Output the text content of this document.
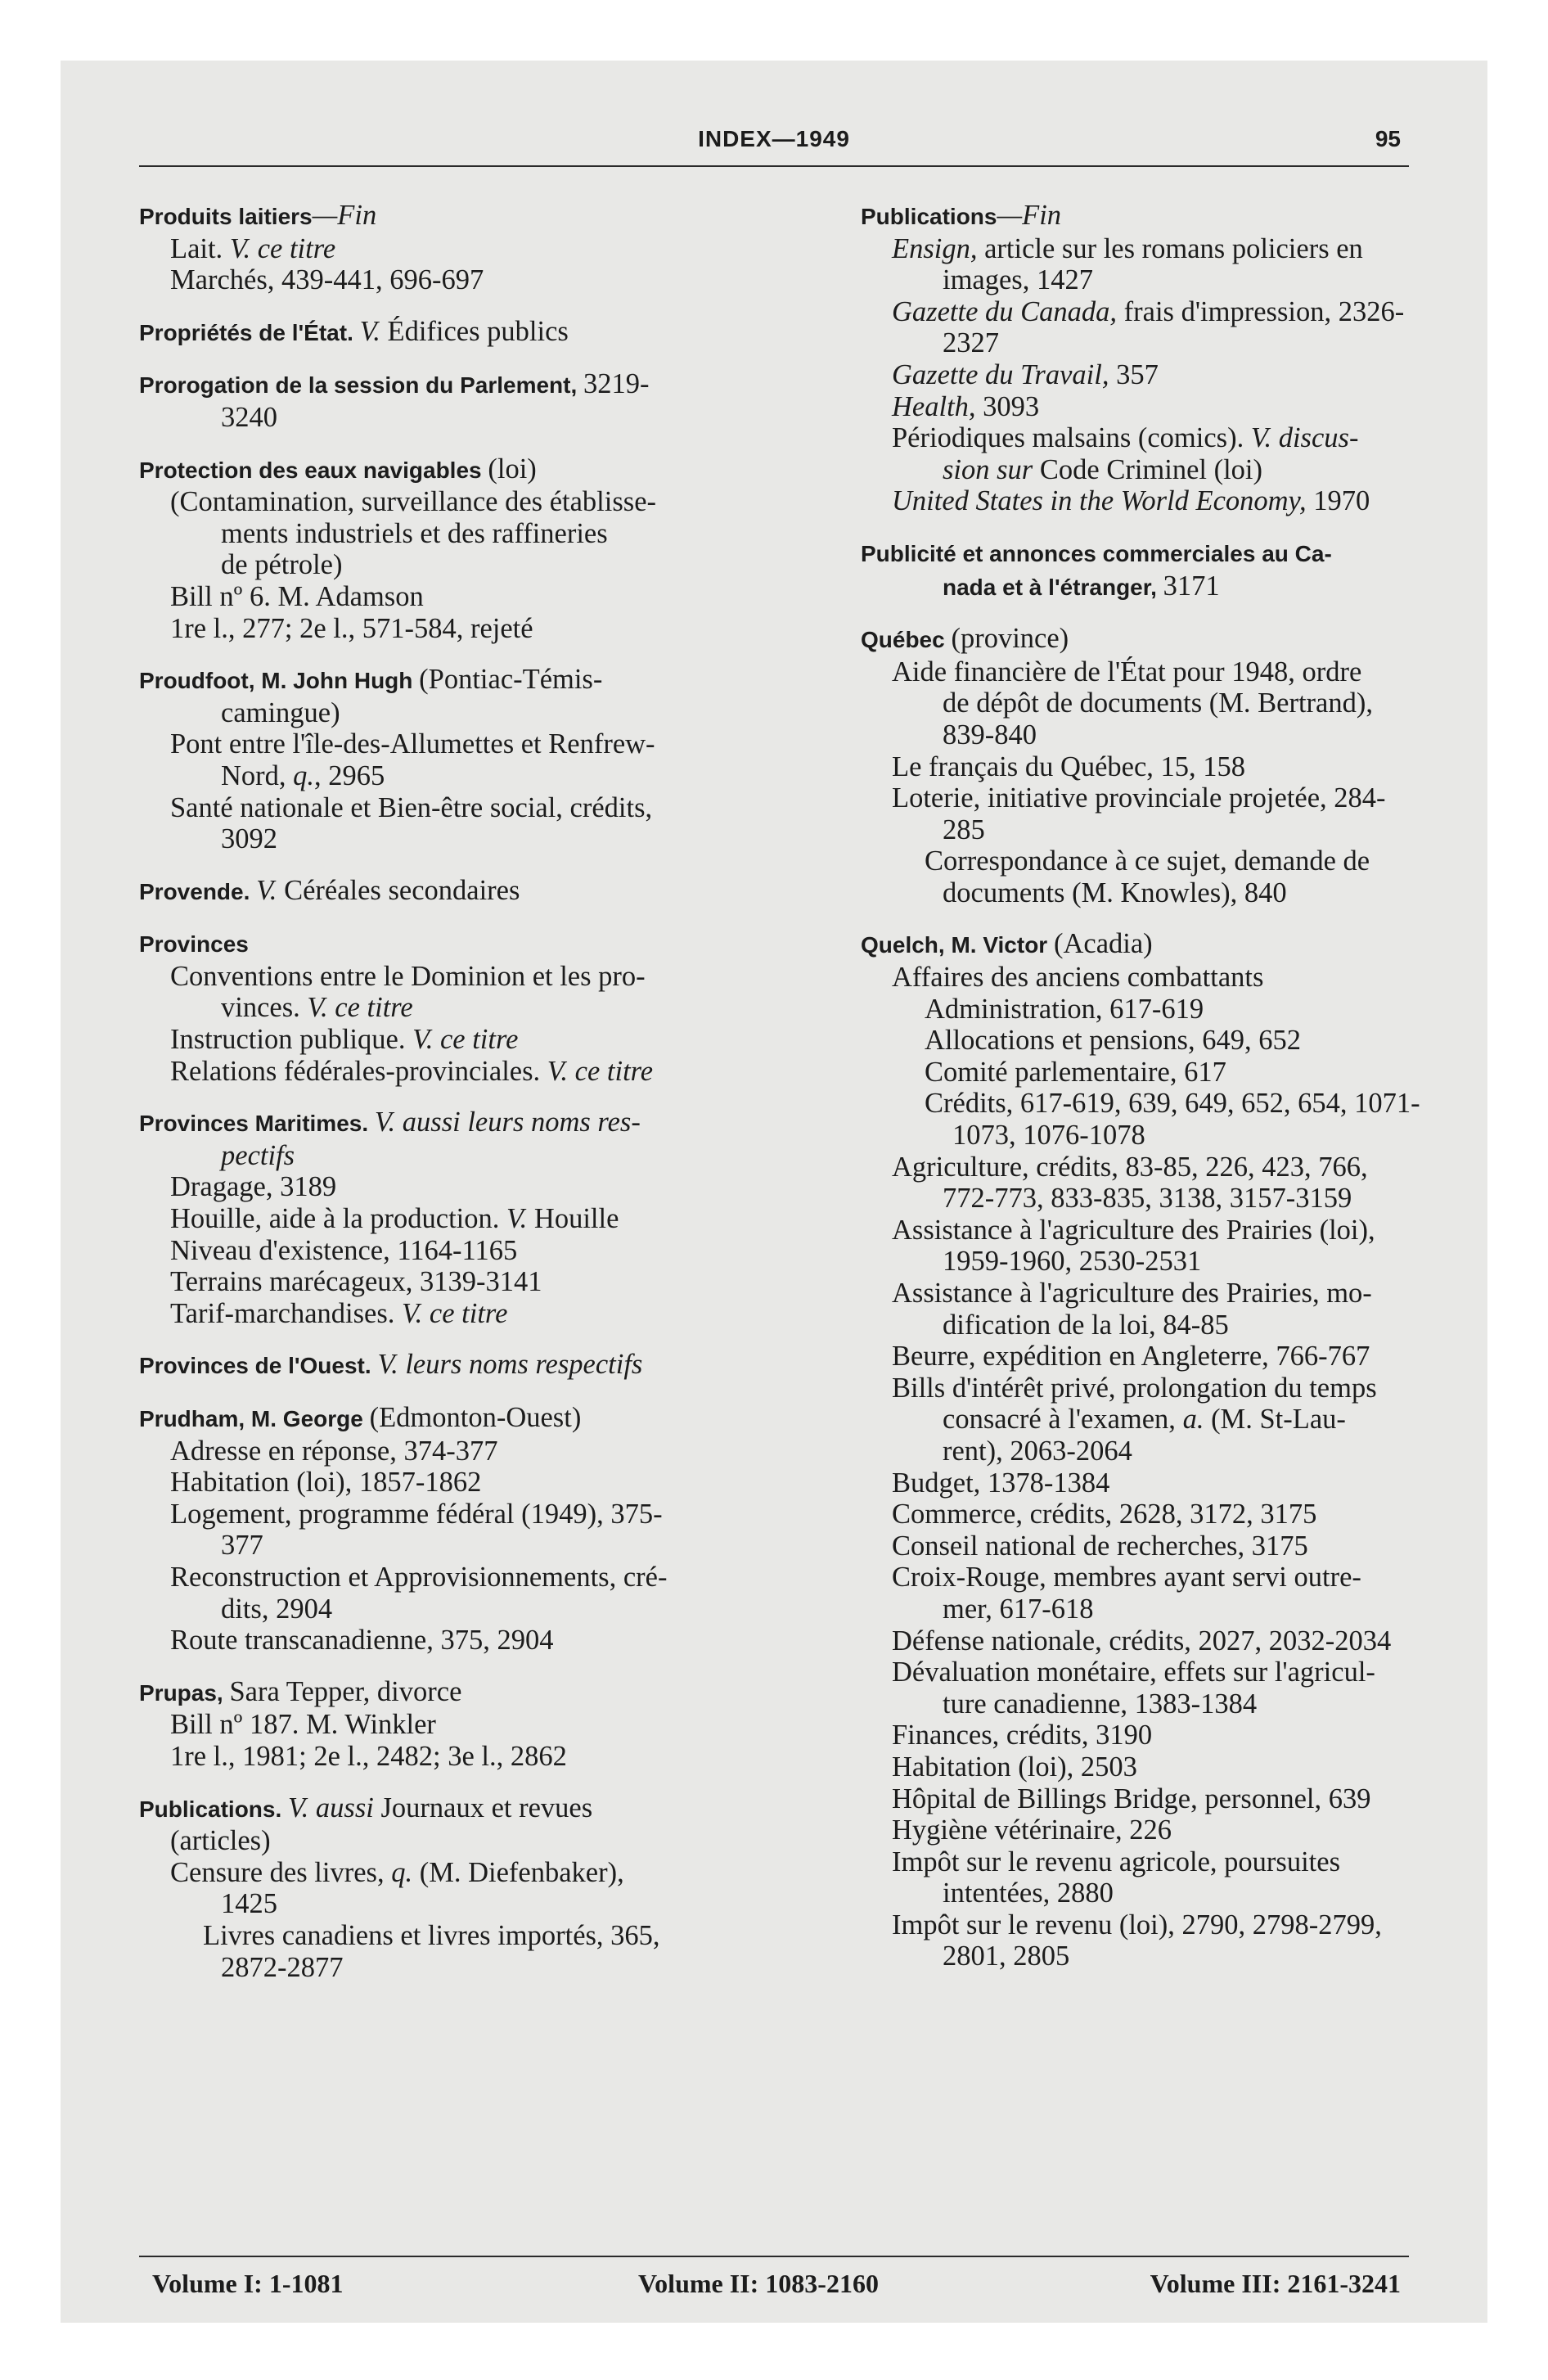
INDEX—1949	95
Produits laitiers—Fin
Lait. V. ce titre
Marchés, 439-441, 696-697
Propriétés de l'État. V. Édifices publics
Prorogation de la session du Parlement, 3219-
3240
Protection des eaux navigables (loi)
(Contamination, surveillance des établisse-
ments industriels et des raffineries
de pétrole)
Bill nº 6. M. Adamson
1re l., 277; 2e l., 571-584, rejeté
Proudfoot, M. John Hugh (Pontiac-Témis-
camingue)
Pont entre l'île-des-Allumettes et Renfrew-
Nord, q., 2965
Santé nationale et Bien-être social, crédits,
3092
Provende. V. Céréales secondaires
Provinces
Conventions entre le Dominion et les pro-
vinces. V. ce titre
Instruction publique. V. ce titre
Relations fédérales-provinciales. V. ce titre
Provinces Maritimes. V. aussi leurs noms res-
pectifs
Dragage, 3189
Houille, aide à la production. V. Houille
Niveau d'existence, 1164-1165
Terrains marécageux, 3139-3141
Tarif-marchandises. V. ce titre
Provinces de l'Ouest. V. leurs noms respectifs
Prudham, M. George (Edmonton-Ouest)
Adresse en réponse, 374-377
Habitation (loi), 1857-1862
Logement, programme fédéral (1949), 375-
377
Reconstruction et Approvisionnements, cré-
dits, 2904
Route transcanadienne, 375, 2904
Prupas, Sara Tepper, divorce
Bill nº 187. M. Winkler
1re l., 1981; 2e l., 2482; 3e l., 2862
Publications. V. aussi Journaux et revues
(articles)
Censure des livres, q. (M. Diefenbaker),
1425
Livres canadiens et livres importés, 365,
2872-2877
Publications—Fin
Ensign, article sur les romans policiers en
images, 1427
Gazette du Canada, frais d'impression, 2326-
2327
Gazette du Travail, 357
Health, 3093
Périodiques malsains (comics). V. discus-
sion sur Code Criminel (loi)
United States in the World Economy, 1970
Publicité et annonces commerciales au Ca-
nada et à l'étranger, 3171
Québec (province)
Aide financière de l'État pour 1948, ordre
de dépôt de documents (M. Bertrand),
839-840
Le français du Québec, 15, 158
Loterie, initiative provinciale projetée, 284-
285
Correspondance à ce sujet, demande de
documents (M. Knowles), 840
Quelch, M. Victor (Acadia)
Affaires des anciens combattants
Administration, 617-619
Allocations et pensions, 649, 652
Comité parlementaire, 617
Crédits, 617-619, 639, 649, 652, 654, 1071-
1073, 1076-1078
Agriculture, crédits, 83-85, 226, 423, 766,
772-773, 833-835, 3138, 3157-3159
Assistance à l'agriculture des Prairies (loi),
1959-1960, 2530-2531
Assistance à l'agriculture des Prairies, mo-
dification de la loi, 84-85
Beurre, expédition en Angleterre, 766-767
Bills d'intérêt privé, prolongation du temps
consacré à l'examen, a. (M. St-Lau-
rent), 2063-2064
Budget, 1378-1384
Commerce, crédits, 2628, 3172, 3175
Conseil national de recherches, 3175
Croix-Rouge, membres ayant servi outre-
mer, 617-618
Défense nationale, crédits, 2027, 2032-2034
Dévaluation monétaire, effets sur l'agricul-
ture canadienne, 1383-1384
Finances, crédits, 3190
Habitation (loi), 2503
Hôpital de Billings Bridge, personnel, 639
Hygiène vétérinaire, 226
Impôt sur le revenu agricole, poursuites
intentées, 2880
Impôt sur le revenu (loi), 2790, 2798-2799,
2801, 2805
Volume I: 1-1081	Volume II: 1083-2160	Volume III: 2161-3241
